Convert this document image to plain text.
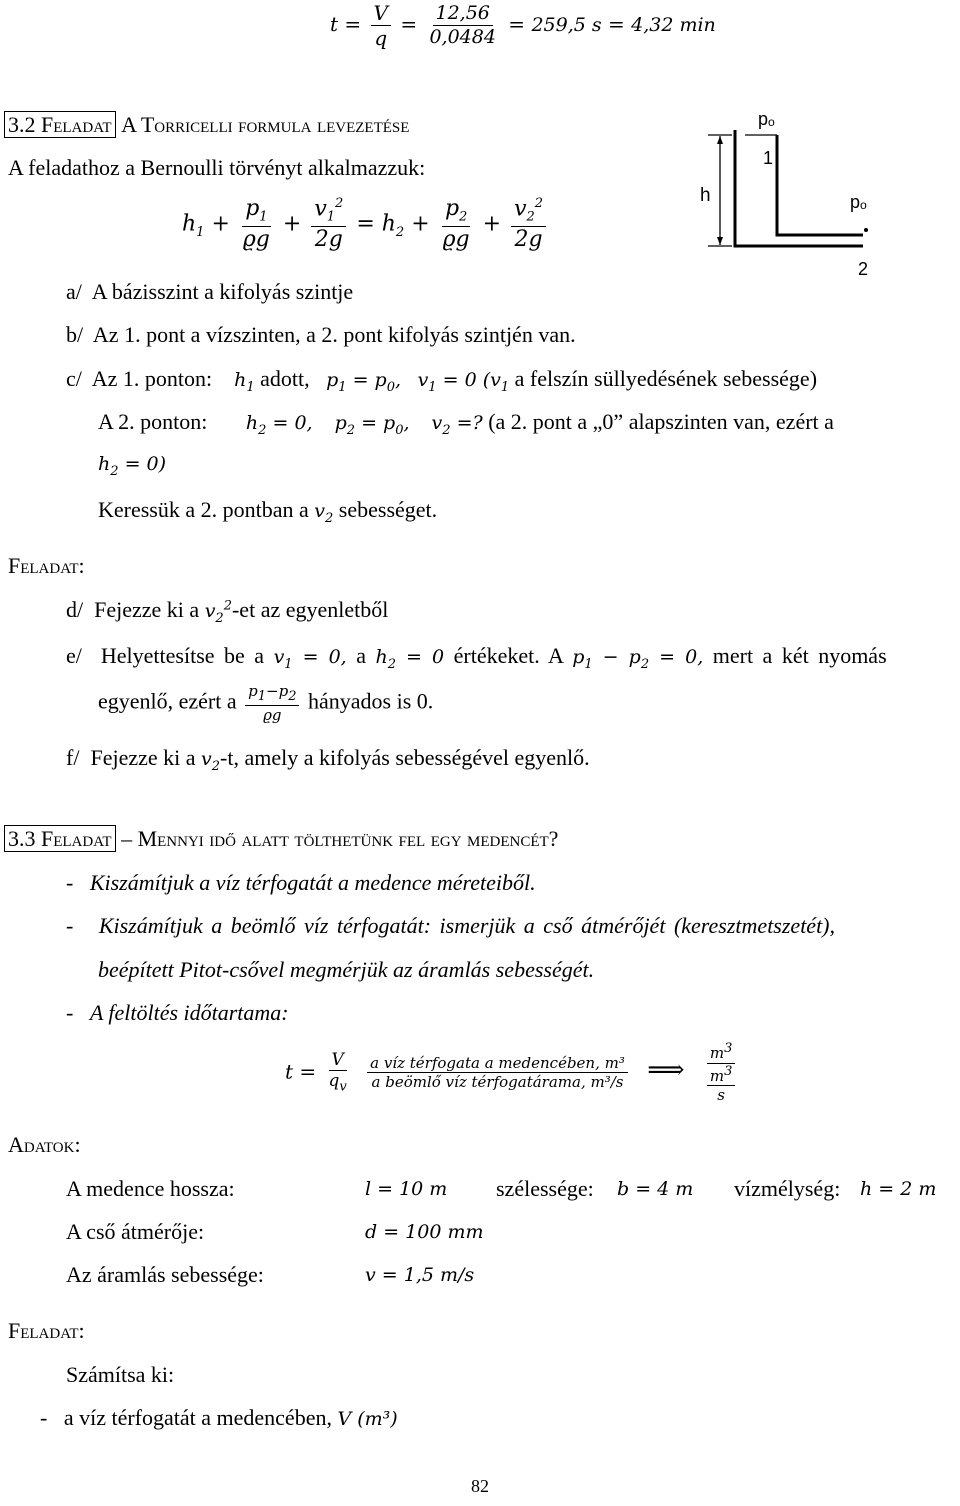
$t = \frac{V}{q} = \frac{12,56}{0,0484} = 259,5$ s = 4,32 min
3.2 Feladat A Torricelli formula levezetése
A feladathoz a Bernoulli törvényt alkalmazzuk:
$h_1 + \frac{p_1}{ϱg} + \frac{v_1^2}{2g} = h_2 + \frac{p_2}{ϱg} + \frac{v_2^2}{2g}$
h
pₒ
1
pₒ
2
a/ A bázisszint a kifolyás szintje
b/ Az 1. pont a vízszinten, a 2. pont kifolyás szintjén van.
c/ Az 1. ponton: $h_1$ adott, $p_1 = p_0$, $v_1 = 0$ ($v_1$ a felszín süllyedésének sebessége)
A 2. ponton: $h_2 = 0$, $p_2 = p_0$, $v_2$ =? (a 2. pont a „0” alapszinten van, ezért a
$h_2 = 0$)
Keressük a 2. pontban a $v_2$ sebességet.
Feladat:
d/ Fejezze ki a $v_2^2-et$ az egyenletből
e/ Helyettesítse be a $v_1 = 0$, a $h_2 = 0$ értékeket. A $p_1 - p_2 = 0$, mert a két nyomás
egyenlő, ezért a $\frac{p_1-p_2}{ϱg}$ hányados is 0.
f/ Fejezze ki a $v_2-t$, amely a kifolyás sebességével egyenlő.
3.3 Feladat – Mennyi idő alatt tölthetünk fel egy medencét?
-   Kiszámítjuk a víz térfogatát a medence méreteiből.
-   Kiszámítjuk a beömlő víz térfogatát: ismerjük a cső átmérőjét (keresztmetszetét),
beépített Pitot-csővel megmérjük az áramlás sebességét.
-   A feltöltés időtartama:
$t = \frac{V}{q_v}$
$\frac{\text{a víz térfogata a medencében, m³}}{\text{a beömlő víz térfogatárama, m³/s}}$ ⟹ $\frac{m^3}{\frac{m^3}{s}}$
Adatok:
A medence hossza:	l = 10 m szélessége: b = 4 m vízmélység: h = 2 m
A cső átmérője:	d = 100 mm
Az áramlás sebessége:	v = 1,5 m/s
Feladat:
Számítsa ki:
-   a víz térfogatát a medencében, V (m³)
82
